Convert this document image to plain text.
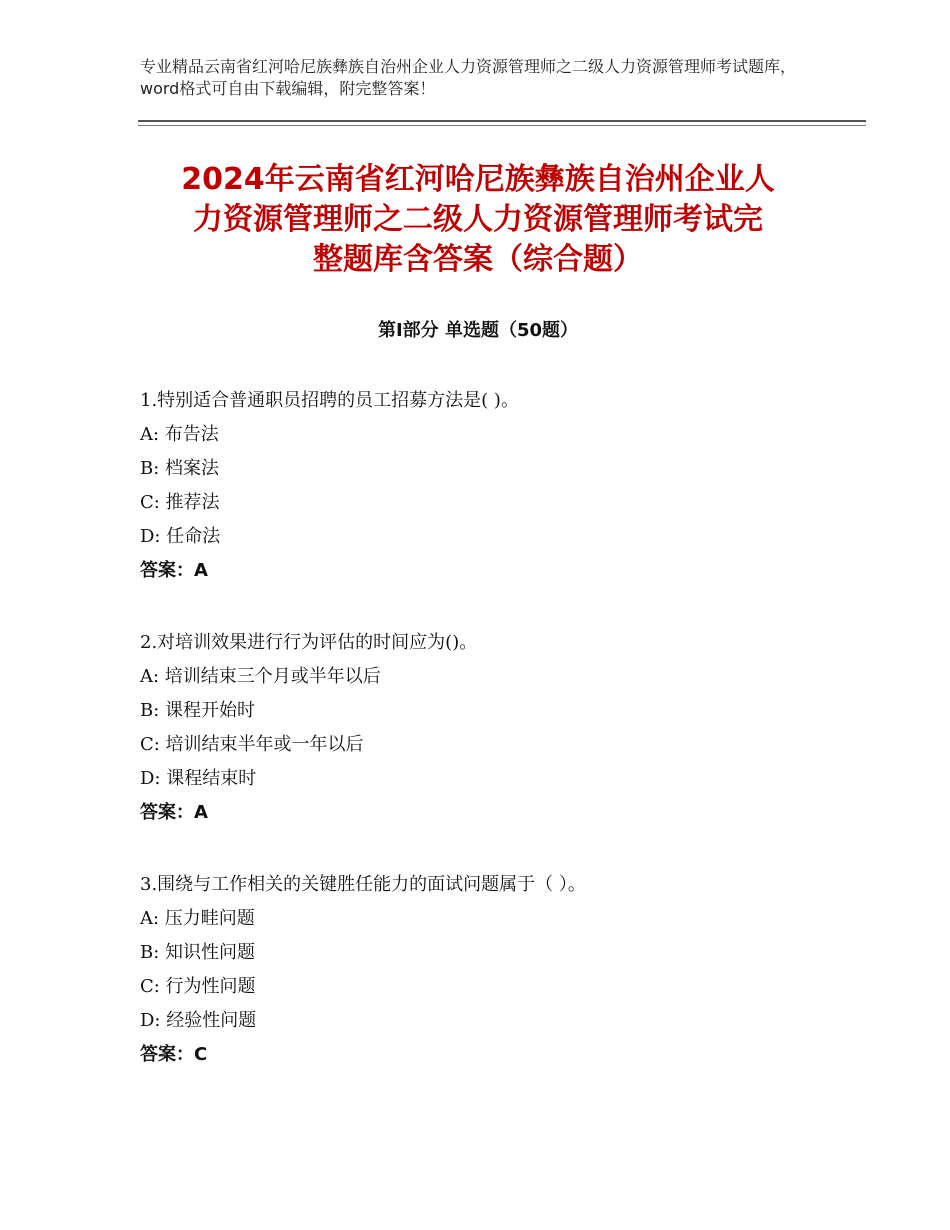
专业精品云南省红河哈尼族彝族自治州企业人力资源管理师之二级人力资源管理师考试题库，word格式可自由下载编辑，附完整答案！
2024年云南省红河哈尼族彝族自治州企业人
力资源管理师之二级人力资源管理师考试完
整题库含答案（综合题）
第Ⅰ部分 单选题（50题）
1.特别适合普通职员招聘的员工招募方法是( )。
A: 布告法
B: 档案法
C: 推荐法
D: 任命法
答案：A
2.对培训效果进行行为评估的时间应为()。
A: 培训结束三个月或半年以后
B: 课程开始时
C: 培训结束半年或一年以后
D: 课程结束时
答案：A
3.围绕与工作相关的关键胜任能力的面试问题属于（ ）。
A: 压力畦问题
B: 知识性问题
C: 行为性问题
D: 经验性问题
答案：C
